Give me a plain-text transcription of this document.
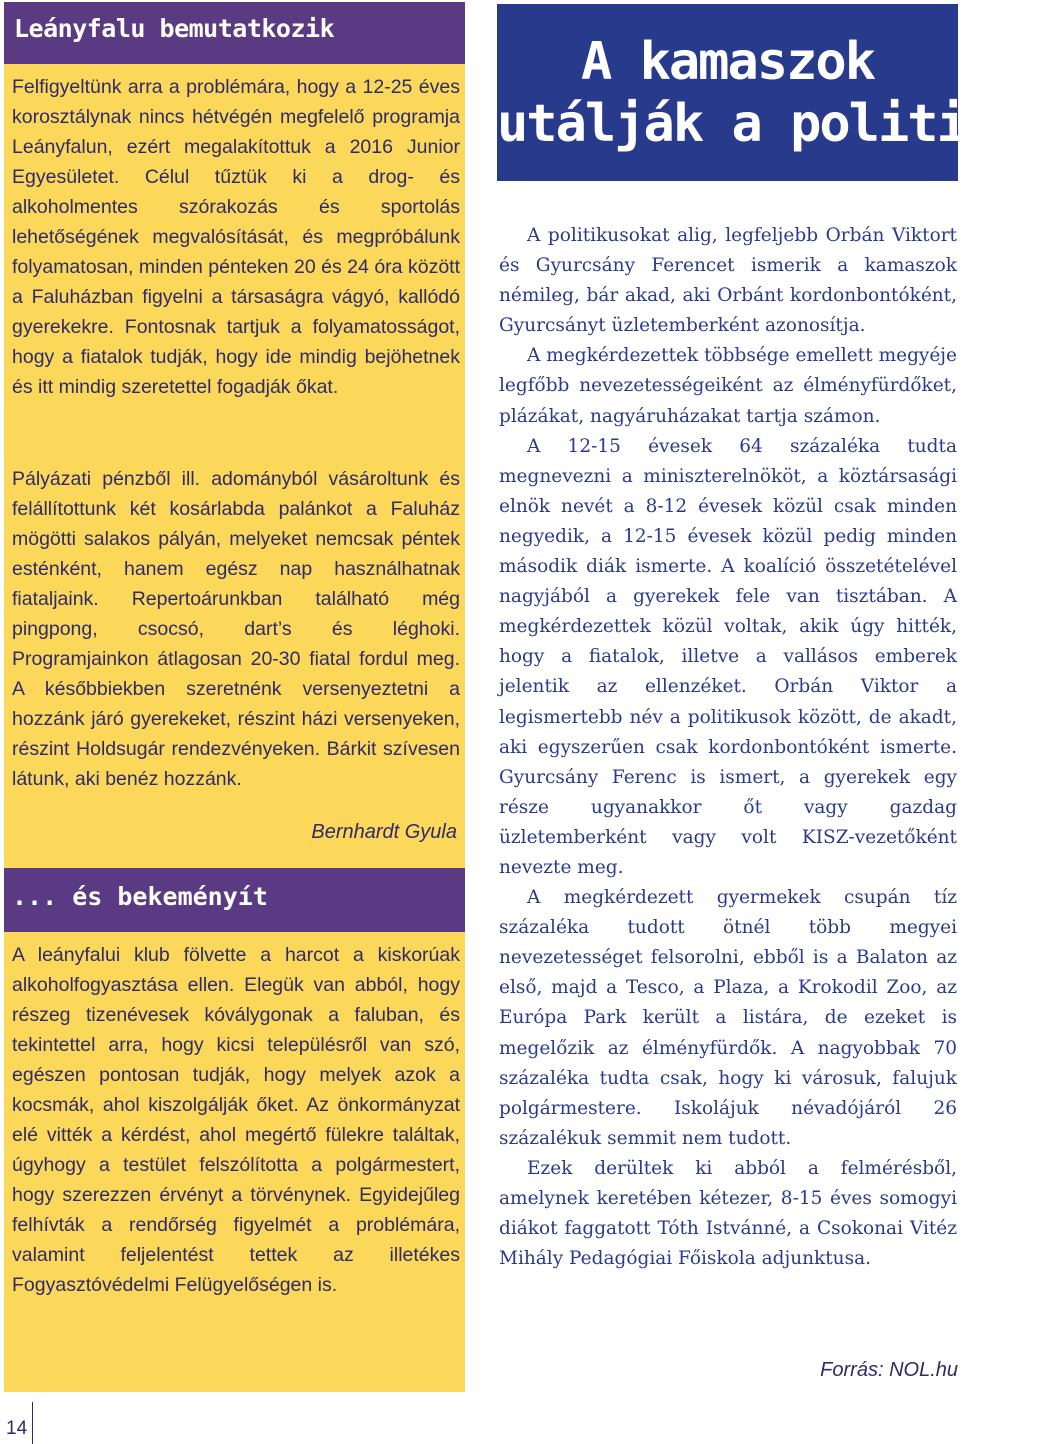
Leányfalu bemutatkozik

Felfigyeltünk arra a problémára, hogy a 12-25 éves korosztálynak nincs hétvégén megfelelő programja Leányfalun, ezért megalakítottuk a 2016 Junior Egyesületet. Célul tűztük ki a drog- és alkoholmentes szórakozás és sportolás lehetőségének megvalósítását, és megpróbálunk folyamatosan, minden pénteken 20 és 24 óra között a Faluházban figyelni a társaságra vágyó, kallódó gyerekekre. Fontosnak tartjuk a folyamatosságot, hogy a fiatalok tudják, hogy ide mindig bejöhetnek és itt mindig szeretettel fogadják őkat.

Pályázati pénzből ill. adományból vásároltunk és felállítottunk két kosárlabda palánkot a Faluház mögötti salakos pályán, melyeket nemcsak péntek esténként, hanem egész nap használhatnak fiataljaink. Repertoárunkban található még pingpong, csocsó, dart’s és léghoki. Programjainkon átlagosan 20-30 fiatal fordul meg. A későbbiekben szeretnénk versenyeztetni a hozzánk járó gyerekeket, részint házi versenyeken, részint Holdsugár rendezvényeken. Bárkit szívesen látunk, aki benéz hozzánk.

Bernhardt Gyula
... és bekeményít

A leányfalui klub fölvette a harcot a kiskorúak alkoholfogyasztása ellen. Elegük van abból, hogy részeg tizenévesek kóválygonak a faluban, és tekintettel arra, hogy kicsi településről van szó, egészen pontosan tudják, hogy melyek azok a kocsmák, ahol kiszolgálják őket. Az önkormányzat elé vitték a kérdést, ahol megértő fülekre találtak, úgyhogy a testület felszólította a polgármestert, hogy szerezzen érvényt a törvénynek. Egyidejűleg felhívták a rendőrség figyelmét a problémára, valamint feljelentést tettek az illetékes Fogyasztóvédelmi Felügyelőségen is.

A kamaszok
utálják a politikát

A politikusokat alig, legfeljebb Orbán Viktort és Gyurcsány Ferencet ismerik a kamaszok némileg, bár akad, aki Orbánt kordonbontóként, Gyurcsányt üzletemberként azonosítja.

A megkérdezettek többsége emellett megyéje legfőbb nevezetességeiként az élményfürdőket, plázákat, nagyáruházakat tartja számon.

A 12-15 évesek 64 százaléka tudta megnevezni a miniszterelnököt, a köztársasági elnök nevét a 8-12 évesek közül csak minden negyedik, a 12-15 évesek közül pedig minden második diák ismerte. A koalíció összetételével nagyjából a gyerekek fele van tisztában. A megkérdezettek közül voltak, akik úgy hitték, hogy a fiatalok, illetve a vallásos emberek jelentik az ellenzéket. Orbán Viktor a legismertebb név a politikusok között, de akadt, aki egyszerűen csak kordonbontóként ismerte. Gyurcsány Ferenc is ismert, a gyerekek egy része ugyanakkor őt vagy gazdag üzletemberként vagy volt KISZ-vezetőként nevezte meg.

A megkérdezett gyermekek csupán tíz százaléka tudott ötnél több megyei nevezetességet felsorolni, ebből is a Balaton az első, majd a Tesco, a Plaza, a Krokodil Zoo, az Európa Park került a listára, de ezeket is megelőzik az élményfürdők. A nagyobbak 70 százaléka tudta csak, hogy ki városuk, falujuk polgármestere. Iskolájuk névadójáról 26 százalékuk semmit nem tudott.

Ezek derültek ki abból a felmérésből, amelynek keretében kétezer, 8-15 éves somogyi diákot faggatott Tóth Istvánné, a Csokonai Vitéz Mihály Pedagógiai Főiskola adjunktusa.

Forrás: NOL.hu
14
